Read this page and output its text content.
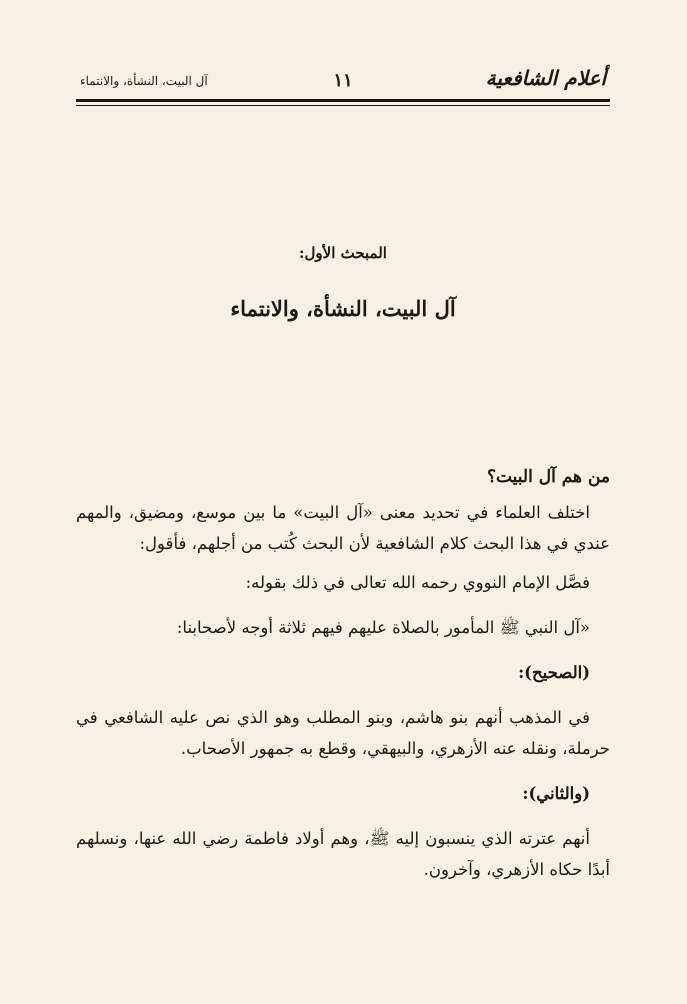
آل البيت، النشأة، والانتماء	١١	أعلام الشافعية
المبحث الأول:
آل البيت، النشأة، والانتماء
من هم آل البيت؟
اختلف العلماء في تحديد معنى «آل البيت» ما بين موسع، ومضيق، والمهم عندي في هذا البحث كلام الشافعية لأن البحث كُتب من أجلهم، فأقول:
فصَّل الإمام النووي رحمه الله تعالى في ذلك بقوله:
«آل النبي ﷺ المأمور بالصلاة عليهم فيهم ثلاثة أوجه لأصحابنا:
(الصحيح):
في المذهب أنهم بنو هاشم، وبنو المطلب وهو الذي نص عليه الشافعي في حرملة، ونقله عنه الأزهري، والبيهقي، وقطع به جمهور الأصحاب.
(والثاني):
أنهم عترته الذي ينسبون إليه ﷺ، وهم أولاد فاطمة رضي الله عنها، ونسلهم أبدًا حكاه الأزهري، وآخرون.
